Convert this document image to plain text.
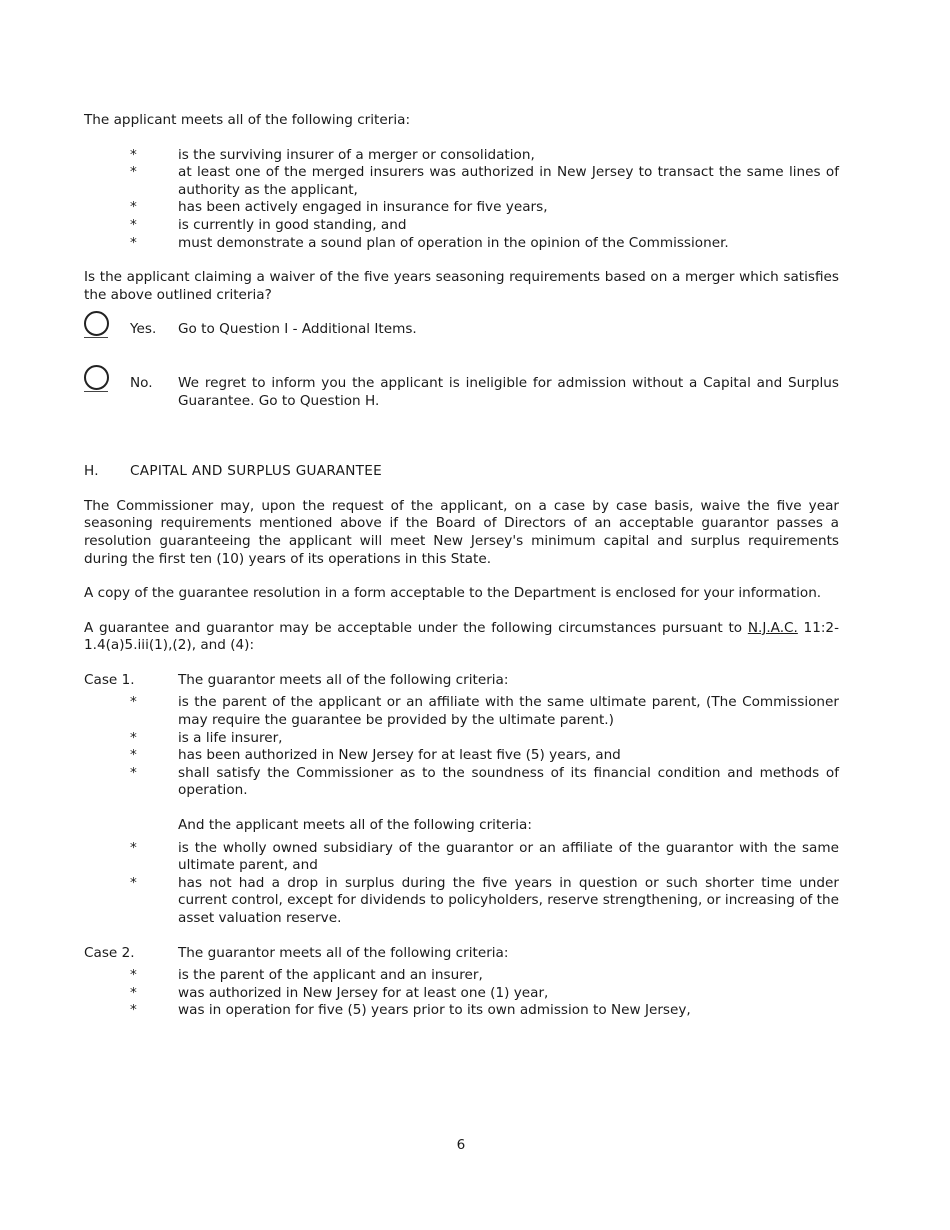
The applicant meets all of the following criteria:

*	is the surviving insurer of a merger or consolidation,
*	at least one of the merged insurers was authorized in New Jersey to transact the same lines of authority as the applicant,
*	has been actively engaged in insurance for five years,
*	is currently in good standing, and
*	must demonstrate a sound plan of operation in the opinion of the Commissioner.

Is the applicant claiming a waiver of the five years seasoning requirements based on a merger which satisfies the above outlined criteria?

Yes. Go to Question I - Additional Items.
No. We regret to inform you the applicant is ineligible for admission without a Capital and Surplus Guarantee. Go to Question H.
H. CAPITAL AND SURPLUS GUARANTEE

The Commissioner may, upon the request of the applicant, on a case by case basis, waive the five year seasoning requirements mentioned above if the Board of Directors of an acceptable guarantor passes a resolution guaranteeing the applicant will meet New Jersey's minimum capital and surplus requirements during the first ten (10) years of its operations in this State.

A copy of the guarantee resolution in a form acceptable to the Department is enclosed for your information.

A guarantee and guarantor may be acceptable under the following circumstances pursuant to N.J.A.C. 11:2-1.4(a)5.iii(1),(2), and (4):

Case 1.	The guarantor meets all of the following criteria:
*	is the parent of the applicant or an affiliate with the same ultimate parent, (The Commissioner may require the guarantee be provided by the ultimate parent.)
*	is a life insurer,
*	has been authorized in New Jersey for at least five (5) years, and
*	shall satisfy the Commissioner as to the soundness of its financial condition and methods of operation.
And the applicant meets all of the following criteria:
*	is the wholly owned subsidiary of the guarantor or an affiliate of the guarantor with the same ultimate parent, and
*	has not had a drop in surplus during the five years in question or such shorter time under current control, except for dividends to policyholders, reserve strengthening, or increasing of the asset valuation reserve.
Case 2.	The guarantor meets all of the following criteria:
*	is the parent of the applicant and an insurer,
*	was authorized in New Jersey for at least one (1) year,
*	was in operation for five (5) years prior to its own admission to New Jersey,
6
